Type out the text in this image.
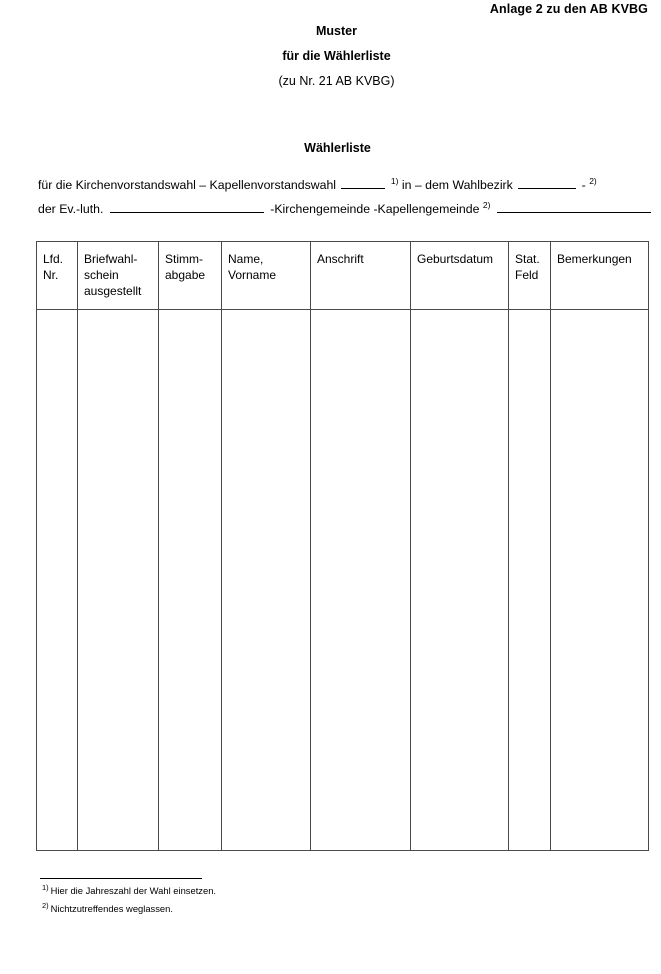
Anlage 2 zu den AB KVBG
Muster
für die Wählerliste
(zu Nr. 21 AB KVBG)
Wählerliste
für die Kirchenvorstandswahl – Kapellenvorstandswahl	$^{1)}$ in – dem Wahlbezirk	- $^{2)}$
der Ev.-luth.	-Kirchengemeinde -Kapellengemeinde $^{2)}$
Lfd. Nr.	Briefwahl- schein ausgestellt	Stimm- abgabe	Name, Vorname	Anschrift	Geburtsdatum	Stat. Feld	Bemerkungen

$^{1)}$ Hier die Jahreszahl der Wahl einsetzen.
$^{2)}$ Nichtzutreffendes weglassen.
